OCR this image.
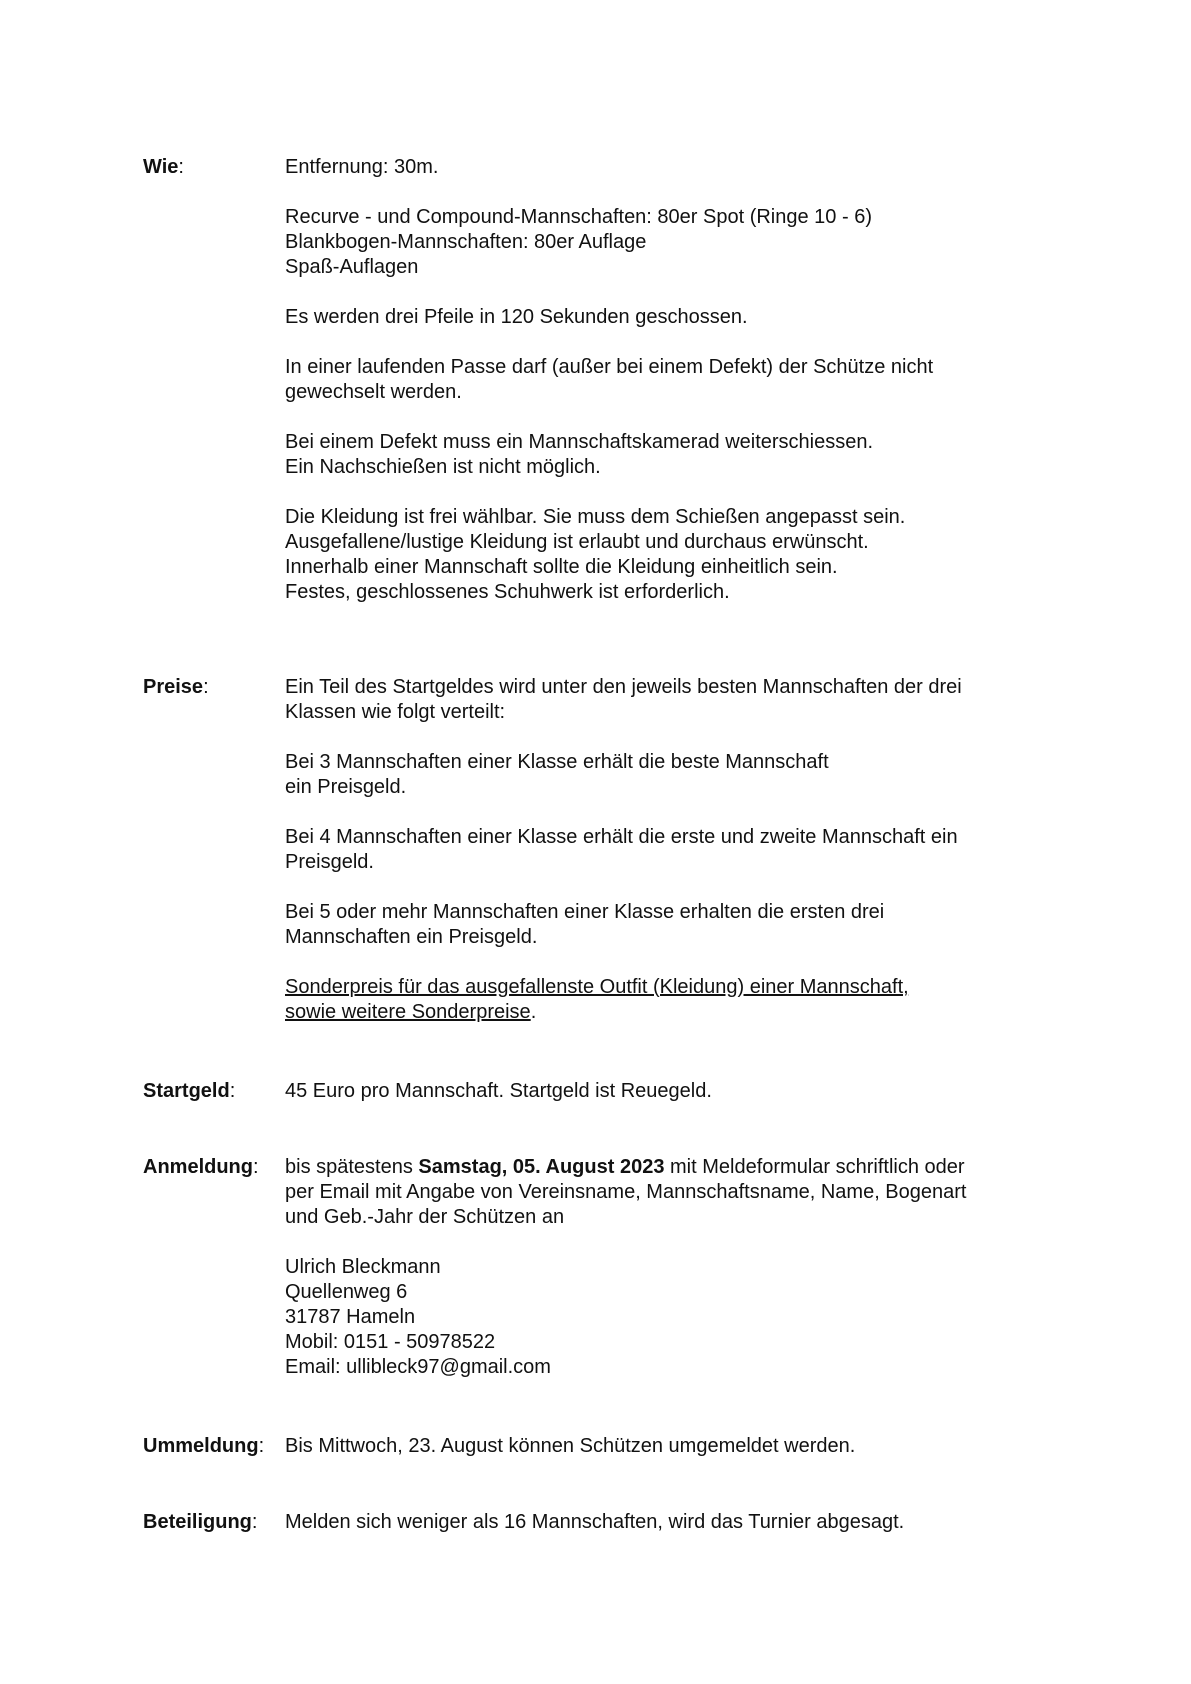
Wie:	Entfernung: 30m.

Recurve - und Compound-Mannschaften: 80er Spot (Ringe 10 - 6)
Blankbogen-Mannschaften: 80er Auflage
Spaß-Auflagen

Es werden drei Pfeile in 120 Sekunden geschossen.

In einer laufenden Passe darf (außer bei einem Defekt) der Schütze nicht
gewechselt werden.

Bei einem Defekt muss ein Mannschaftskamerad weiterschiessen.
Ein Nachschießen ist nicht möglich.

Die Kleidung ist frei wählbar. Sie muss dem Schießen angepasst sein.
Ausgefallene/lustige Kleidung ist erlaubt und durchaus erwünscht.
Innerhalb einer Mannschaft sollte die Kleidung einheitlich sein.
Festes, geschlossenes Schuhwerk ist erforderlich.

Preise:	Ein Teil des Startgeldes wird unter den jeweils besten Mannschaften der drei
Klassen wie folgt verteilt:

Bei 3 Mannschaften einer Klasse erhält die beste Mannschaft
ein Preisgeld.

Bei 4 Mannschaften einer Klasse erhält die erste und zweite Mannschaft ein
Preisgeld.

Bei 5 oder mehr Mannschaften einer Klasse erhalten die ersten drei
Mannschaften ein Preisgeld.

Sonderpreis für das ausgefallenste Outfit (Kleidung) einer Mannschaft,
sowie weitere Sonderpreise.

Startgeld:	45 Euro pro Mannschaft. Startgeld ist Reuegeld.

Anmeldung:	bis spätestens Samstag, 05. August 2023 mit Meldeformular schriftlich oder
per Email mit Angabe von Vereinsname, Mannschaftsname, Name, Bogenart
und Geb.-Jahr der Schützen an

Ulrich Bleckmann
Quellenweg 6
31787 Hameln
Mobil: 0151 - 50978522
Email: ullibleck97@gmail.com

Ummeldung:	Bis Mittwoch, 23. August können Schützen umgemeldet werden.

Beteiligung:	Melden sich weniger als 16 Mannschaften, wird das Turnier abgesagt.
